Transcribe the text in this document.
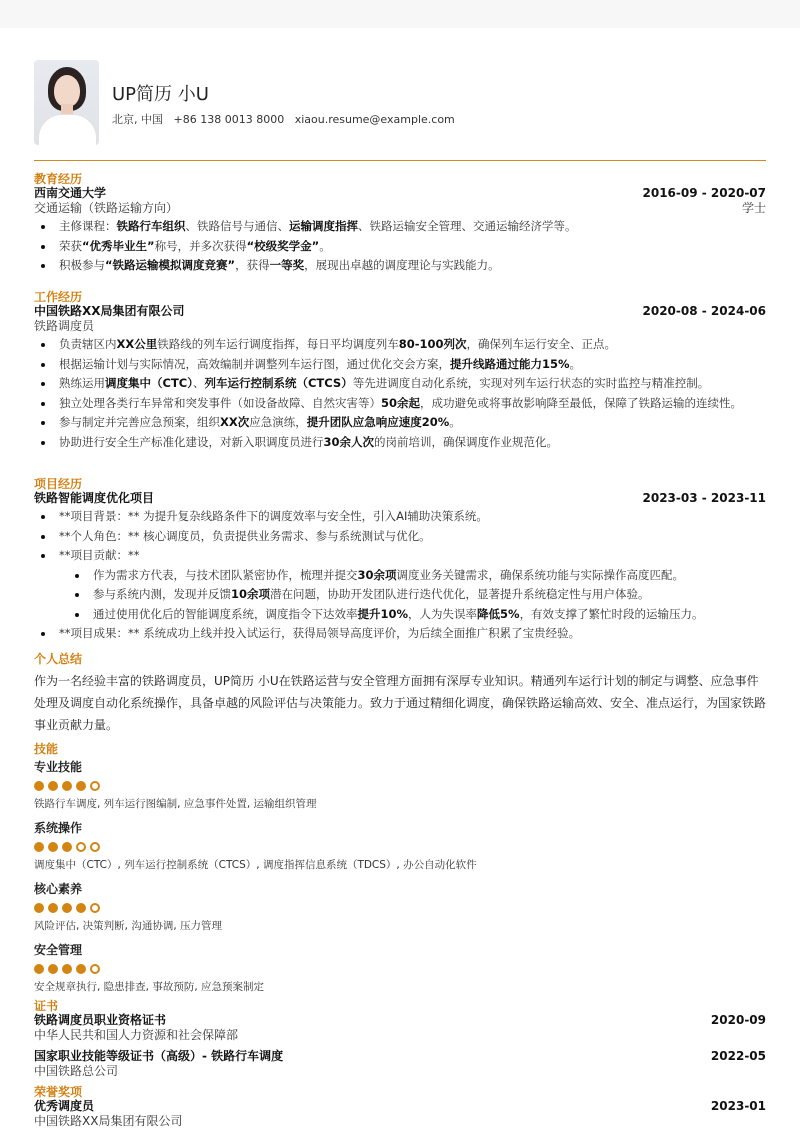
UP简历 小U
北京, 中国 +86 138 0013 8000 xiaou.resume@example.com
教育经历
西南交通大学	2016-09 - 2020-07
交通运输（铁路运输方向）	学士
主修课程：铁路行车组织、铁路信号与通信、运输调度指挥、铁路运输安全管理、交通运输经济学等。
荣获“优秀毕业生”称号，并多次获得“校级奖学金”。
积极参与“铁路运输模拟调度竞赛”，获得一等奖，展现出卓越的调度理论与实践能力。
工作经历
中国铁路XX局集团有限公司	2020-08 - 2024-06
铁路调度员
负责辖区内XX公里铁路线的列车运行调度指挥，每日平均调度列车80-100列次，确保列车运行安全、正点。
根据运输计划与实际情况，高效编制并调整列车运行图，通过优化交会方案，提升线路通过能力15%。
熟练运用调度集中（CTC）、列车运行控制系统（CTCS）等先进调度自动化系统，实现对列车运行状态的实时监控与精准控制。
独立处理各类行车异常和突发事件（如设备故障、自然灾害等）50余起，成功避免或将事故影响降至最低，保障了铁路运输的连续性。
参与制定并完善应急预案，组织XX次应急演练，提升团队应急响应速度20%。
协助进行安全生产标准化建设，对新入职调度员进行30余人次的岗前培训，确保调度作业规范化。
项目经历
铁路智能调度优化项目	2023-03 - 2023-11
**项目背景：** 为提升复杂线路条件下的调度效率与安全性，引入AI辅助决策系统。
**个人角色：** 核心调度员，负责提供业务需求、参与系统测试与优化。
**项目贡献：**
作为需求方代表，与技术团队紧密协作，梳理并提交30余项调度业务关键需求，确保系统功能与实际操作高度匹配。
参与系统内测，发现并反馈10余项潜在问题，协助开发团队进行迭代优化，显著提升系统稳定性与用户体验。
通过使用优化后的智能调度系统，调度指令下达效率提升10%，人为失误率降低5%，有效支撑了繁忙时段的运输压力。
**项目成果：** 系统成功上线并投入试运行，获得局领导高度评价，为后续全面推广积累了宝贵经验。
个人总结
作为一名经验丰富的铁路调度员，UP简历 小U在铁路运营与安全管理方面拥有深厚专业知识。精通列车运行计划的制定与调整、应急事件处理及调度自动化系统操作，具备卓越的风险评估与决策能力。致力于通过精细化调度，确保铁路运输高效、安全、准点运行，为国家铁路事业贡献力量。
技能
专业技能
铁路行车调度, 列车运行图编制, 应急事件处置, 运输组织管理
系统操作
调度集中（CTC）, 列车运行控制系统（CTCS）, 调度指挥信息系统（TDCS）, 办公自动化软件
核心素养
风险评估, 决策判断, 沟通协调, 压力管理
安全管理
安全规章执行, 隐患排查, 事故预防, 应急预案制定
证书
铁路调度员职业资格证书	2020-09
中华人民共和国人力资源和社会保障部
国家职业技能等级证书（高级）- 铁路行车调度	2022-05
中国铁路总公司
荣誉奖项
优秀调度员	2023-01
中国铁路XX局集团有限公司
